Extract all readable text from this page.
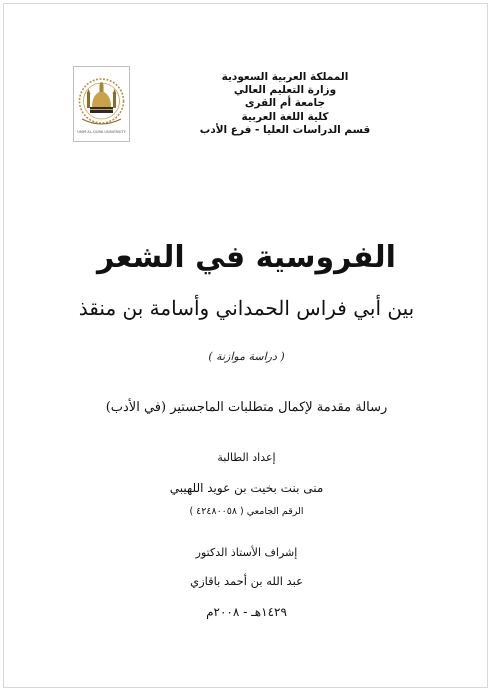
UMM AL-QURA UNIVERSITY
المملكة العربية السعودية
وزارة التعليم العالي
جامعة أم القرى
كلية اللغة العربية
قسم الدراسات العليا - فرع الأدب
الفروسية في الشعر
بين أبي فراس الحمداني وأسامة بن منقذ
( دراسة موازنة )
رسالة مقدمة لإكمال متطلبات الماجستير (في الأدب)
إعداد الطالبة
منى بنت بخيت بن عويد اللهيبي
الرقم الجامعي ( ٤٢٤٨٠٠٥٨ )
إشراف الأستاذ الدكتور
عبد الله بن أحمد باقازي
١٤٢٩هـ - ٢٠٠٨م
